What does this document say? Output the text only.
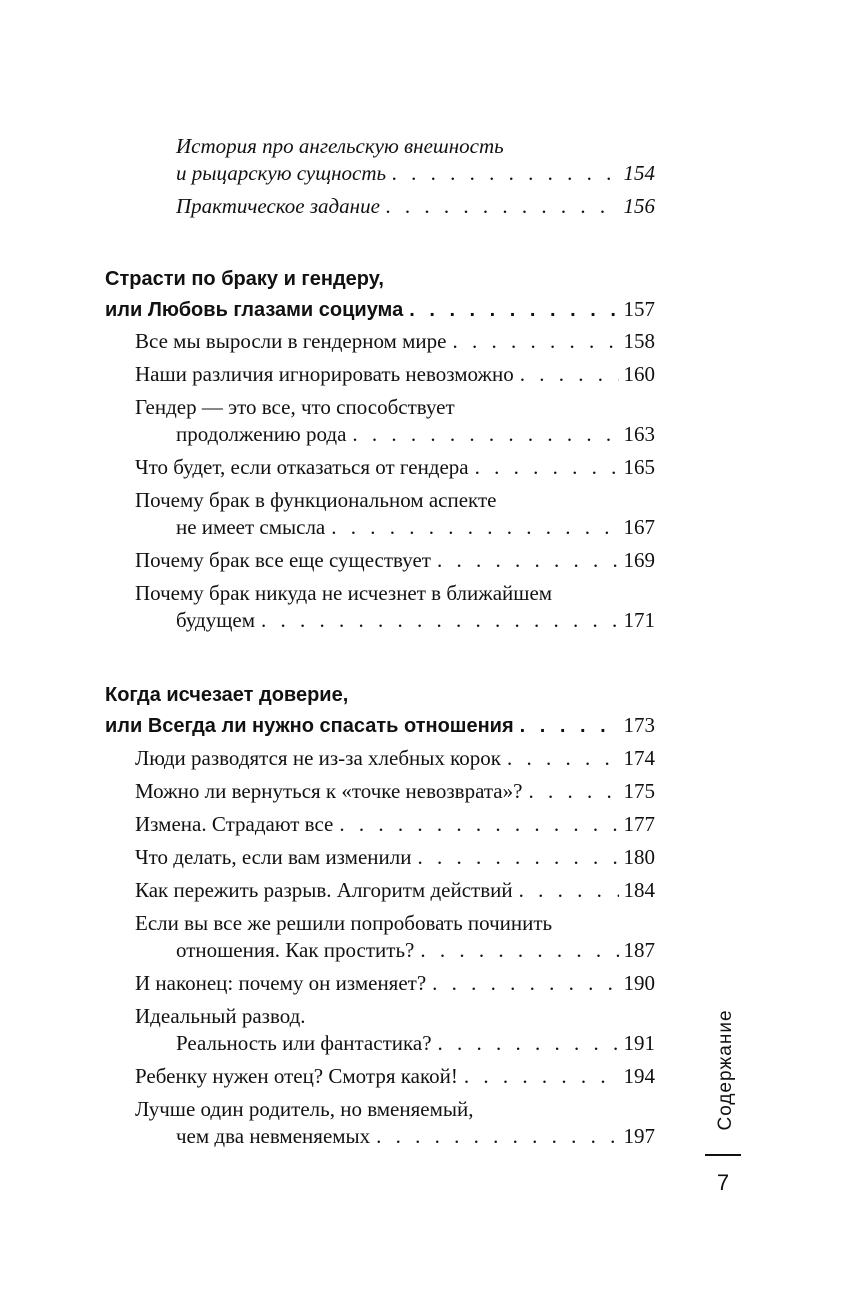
История про ангельскую внешность
и рыцарскую сущность . . .	154
Практическое задание . . .	156
Страсти по браку и гендеру,
или Любовь глазами социума . . .	157
Все мы выросли в гендерном мире . . .	158
Наши различия игнорировать невозможно . . .	160
Гендер — это все, что способствует
продолжению рода . . .	163
Что будет, если отказаться от гендера . . .	165
Почему брак в функциональном аспекте
не имеет смысла . . .	167
Почему брак все еще существует . . .	169
Почему брак никуда не исчезнет в ближайшем
будущем . . .	171
Когда исчезает доверие,
или Всегда ли нужно спасать отношения . . .	173
Люди разводятся не из-за хлебных корок . . .	174
Можно ли вернуться к «точке невозврата»? . . .	175
Измена. Страдают все . . .	177
Что делать, если вам изменили . . .	180
Как пережить разрыв. Алгоритм действий . . .	184
Если вы все же решили попробовать починить
отношения. Как простить? . . .	187
И наконец: почему он изменяет? . . .	190
Идеальный развод.
Реальность или фантастика? . . .	191
Ребенку нужен отец? Смотря какой! . . .	194
Лучше один родитель, но вменяемый,
чем два невменяемых . . .	197
Содержание
7
